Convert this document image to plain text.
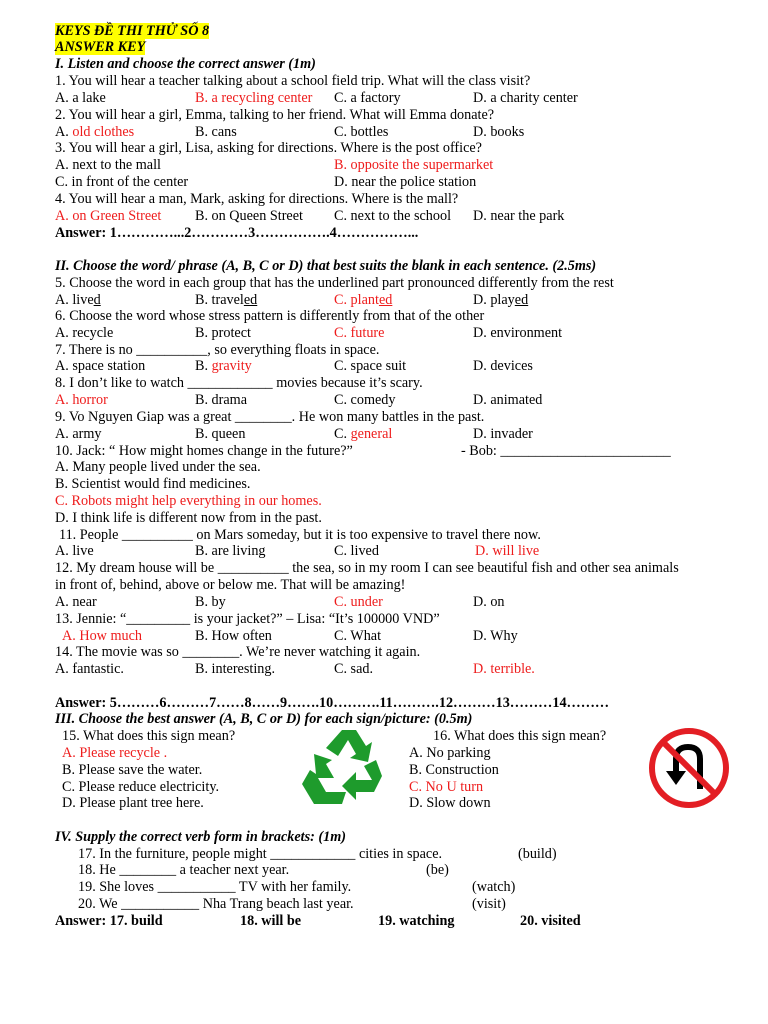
KEYS ĐỀ THI THỬ SỐ 8
ANSWER KEY
I. Listen and choose the correct answer (1m)
1. You will hear a teacher talking about a school field trip. What will the class visit?
A. a lake	B. a recycling center C. a factory	D. a charity center
2. You will hear a girl, Emma, talking to her friend. What will Emma donate?
A. old clothes	B. cans	C. bottles	D. books
3. You will hear a girl, Lisa, asking for directions. Where is the post office?
A. next to the mall	B. opposite the supermarket
C. in front of the center	D. near the police station
4. You will hear a man, Mark, asking for directions. Where is the mall?
A. on Green Street B. on Queen Street C. next to the school D. near the park
Answer: 1…………...2…………3…………….4……………...
II. Choose the word/ phrase (A, B, C or D) that best suits the blank in each sentence. (2.5ms)
5. Choose the word in each group that has the underlined part pronounced differently from the rest
A. lived	B. traveled	C. planted	D. played
6. Choose the word whose stress pattern is differently from that of the other
A. recycle	B. protect	C. future	D. environment
7. There is no __________, so everything floats in space.
A. space station	B. gravity	C. space suit	D. devices
8. I don’t like to watch ____________ movies because it’s scary.
A. horror	B. drama	C. comedy	D. animated
9. Vo Nguyen Giap was a great ________. He won many battles in the past.
A. army	B. queen	C. general	D. invader
10. Jack: “ How might homes change in the future?”	- Bob: ________________________
A. Many people lived under the sea.
B. Scientist would find medicines.
C. Robots might help everything in our homes.
D. I think life is different now from in the past.
11. People __________ on Mars someday, but it is too expensive to travel there now.
A. live	B. are living	C. lived	D. will live
12. My dream house will be __________ the sea, so in my room I can see beautiful fish and other sea animals
in front of, behind, above or below me. That will be amazing!
A. near	B. by	C. under	D. on
13. Jennie: “_________ is your jacket?” – Lisa: “It’s 100000 VND”
A. How much	B. How often	C. What	D. Why
14. The movie was so ________. We’re never watching it again.
A. fantastic.	B. interesting.	C. sad.	D. terrible.
Answer: 5………6………7……8……9…….10……….11……….12………13………14………
III. Choose the best answer (A, B, C or D) for each sign/picture: (0.5m)
15. What does this sign mean?
A. Please recycle .
B. Please save the water.
C. Please reduce electricity.
D. Please plant tree here.
16. What does this sign mean?
A. No parking
B. Construction
C. No U turn
D. Slow down
IV. Supply the correct verb form in brackets: (1m)
17. In the furniture, people might ____________ cities in space.	(build)
18. He ________ a teacher next year.	(be)
19. She loves ___________ TV with her family.	(watch)
20. We ___________ Nha Trang beach last year.	(visit)
Answer: 17. build	18. will be	19. watching	20. visited
